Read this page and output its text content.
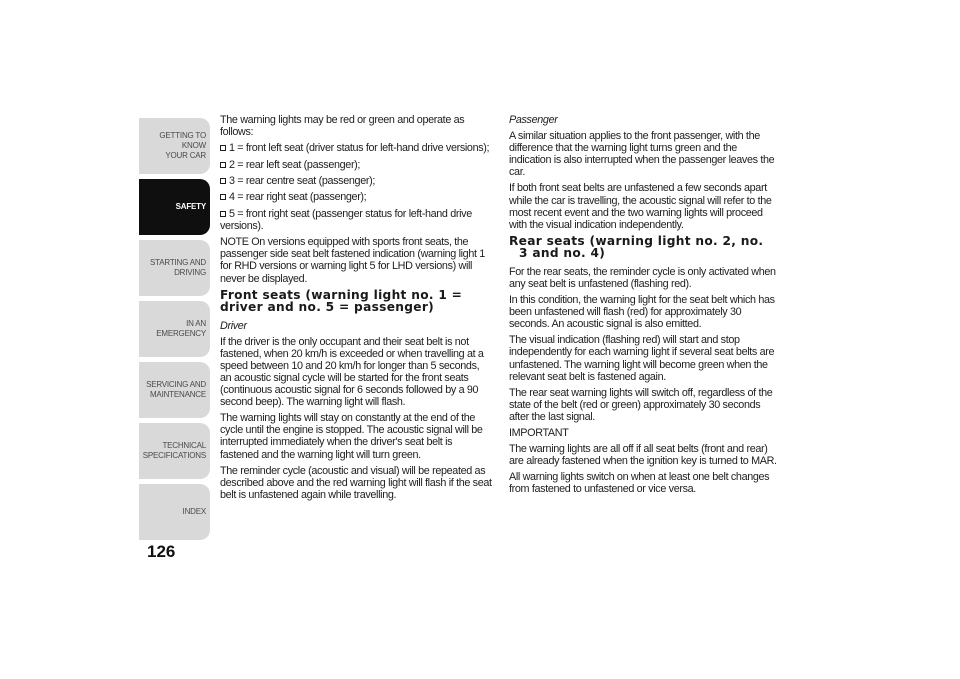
GETTING TO KNOW
YOUR CAR
SAFETY
STARTING AND
DRIVING
IN AN EMERGENCY
SERVICING AND
MAINTENANCE
TECHNICAL
SPECIFICATIONS
INDEX
126

The warning lights may be red or green and operate as follows:

1 = front left seat (driver status for left-hand drive versions);
2 = rear left seat (passenger);
3 = rear centre seat (passenger);
4 = rear right seat (passenger);
5 = front right seat (passenger status for left-hand drive versions).

NOTE On versions equipped with sports front seats, the passenger side seat belt fastened indication (warning light 1 for RHD versions or warning light 5 for LHD versions) will never be displayed.

Front seats (warning light no. 1 =
driver and no. 5 = passenger)

Driver

If the driver is the only occupant and their seat belt is not fastened, when 20 km/h is exceeded or when travelling at a speed between 10 and 20 km/h for longer than 5 seconds, an acoustic signal cycle will be started for the front seats (continuous acoustic signal for 6 seconds followed by a 90 second beep). The warning light will flash.

The warning lights will stay on constantly at the end of the cycle until the engine is stopped. The acoustic signal will be interrupted immediately when the driver's seat belt is fastened and the warning light will turn green.

The reminder cycle (acoustic and visual) will be repeated as described above and the red warning light will flash if the seat belt is unfastened again while travelling.

Passenger

A similar situation applies to the front passenger, with the difference that the warning light turns green and the indication is also interrupted when the passenger leaves the car.

If both front seat belts are unfastened a few seconds apart while the car is travelling, the acoustic signal will refer to the most recent event and the two warning lights will proceed with the visual indication independently.

Rear seats (warning light no. 2, no.
3 and no. 4)

For the rear seats, the reminder cycle is only activated when any seat belt is unfastened (flashing red).

In this condition, the warning light for the seat belt which has been unfastened will flash (red) for approximately 30 seconds. An acoustic signal is also emitted.

The visual indication (flashing red) will start and stop independently for each warning light if several seat belts are unfastened. The warning light will become green when the relevant seat belt is fastened again.

The rear seat warning lights will switch off, regardless of the state of the belt (red or green) approximately 30 seconds after the last signal.

IMPORTANT

The warning lights are all off if all seat belts (front and rear) are already fastened when the ignition key is turned to MAR.

All warning lights switch on when at least one belt changes from fastened to unfastened or vice versa.
